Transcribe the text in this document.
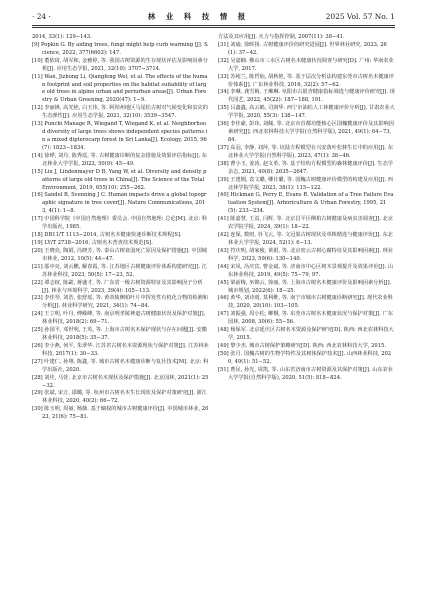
· 24 ·	林 业 科 技 情 报	2025 Vol. 57 No. 1

2014, 33(1): 129−143.

[9] Popkin G. By aiding trees, fungi might help curb warming [J]. Science, 2022, 377(6602): 147.

[10] 董依琦, 胡军和, 金雅婷, 等. 我国古树资源的生存现状评估及影响因素分析[J]. 应用生态学报, 2021, 32(10): 3707−3714.

[11] Wan, Jizhong Li, Qiangfeng Wei, et al. The effects of the human footprint and soil properties on the habitat suitability of large old trees in alpine urban and periurban areas[J]. Urban Forestry & Urban Greening, 2020(47): 1−9.

[12] 李丽锋, 高光艳, 白玉伟, 等. 阿坝州地区马尾松古树对气候变化和虫灾的生态弹性[J]. 应用生态学报, 2021, 32(10): 3539−3547.

[13] Punchi Manage R, Wiegand T, Wiegand K, et al. Neighborhood diversity of large trees shows independent species patterns in a mixed dipterocarp forest in Sri Lanka[J]. Ecology, 2015, 96(7): 1823−1834.

[14] 徐烨, 刘丹, 陈秀瑶, 等. 古树健康诊断的复杂措施及效果评估指标[J]. 东北林业大学学报, 2022, 50(9): 45−49.

[15] Liu J, Lindenmayer D B, Yang W, et al. Diversity and density patterns of large old trees in China[J]. The Science of the Total Environment, 2019, 655(10): 255−262.

[16] Sandel B, Svenning J C. Human impacts drive a global topographic signature in tree cover[J]. Nature Communications, 2013, 4(1): 1−8.

[17] 中国科学院《中国自然地理》委员会. 中国自然地理: 总论[M]. 北京: 科学出版社, 1985.

[18] DB11/T 1113−2014, 古树名木健康快速诊断技术规程[S].

[19] LY/T 2738−2016, 古树名木普查技术规范[S].

[20] 王晓亮, 陶娟, 冯晓芳, 等. 泰山古树衰弱死亡原因及保护措施[J]. 中国城市林业, 2012, 10(5): 44−47.

[21] 邬中亮, 刘云鹏, 解春霞, 等. 江苏地区古树健康评价体系构建研究[J]. 江苏林业科技, 2023, 50(5): 17−23, 52.

[22] 谭志权, 陈勐, 蒋盛才, 等. 广东省一级古树资源特征及其影响因子分析[J]. 林业与环境科学, 2023, 39(4): 105−113.

[23] 李佳琴, 刘浩, 张舒瑶, 等. 黄帝陵侧柏叶片中挥发性有机化合物的检测和分析[J]. 林业科学研究, 2021, 34(1): 74−84.

[24] 王立明, 叶丹, 傅嵘峰, 等. 南京明孝陵神道古树健康状况及保护对策[J]. 林业科技, 2018(2): 69−71.

[25] 孙国平, 邓世明, 王英, 等. 上海市古树名木保护现状与存在问题[J]. 安徽林业科技, 2018(5): 35−37.

[26] 李小燕, 何平, 朱翠华. 江苏省古树名木资源现状与保护对策[J]. 江苏林业科技, 2017(1): 30−33.

[27] 叶建仁, 孙翔, 陈鑫, 等. 城市古树名木健康诊断与复壮技术[M]. 北京: 科学出版社, 2020.

[28] 刘佳, 马萱. 北京市古树名木现状及保护措施[J]. 北京园林, 2021(1): 25−32.

[29] 张斌, 宋万, 邵璐, 等. 杭州市古树名木生长现状及保护对策研究[J]. 浙江林业科技, 2020, 40(2): 66−72.

[30] 陈玉明, 周丽, 杨薇. 基于熵权的城市古树健康评价[J]. 中国城市林业, 2023, 21(6): 75−81.

方法及其应用[J]. 火力与指挥控制, 2007(11): 38−41.

[31] 刘瑜, 徐晖扬. 古树健康评价的研究进展[J]. 世界林业研究, 2023, 26(1): 37−42.

[32] 吴嘉楠. 佛山市三水区古树名木健康状况调查与研究[D]. 广州: 华南农业大学, 2017.

[33] 苏纯兰, 陈哲灿, 胡秋艳, 等. 基于层次分析法构建东莞市古树名木健康评价体系[J]. 广东林业科技, 2016, 32(2): 57−62.

[34] 李琳, 龚雪梅, 王琳琳. 阜阳市古银杏健康指标筛选与健康评价研究[J]. 现代园艺, 2022, 45(22): 187−188, 191.

[35] 吕鑫鑫, 高云鹤, 司润华. 西宁市油松人工林健康评价分析[J]. 甘肃农业大学学报, 2020, 55(3): 138−147.

[36] 李佳豪, 彭玮, 刘佩, 等. 北京市首都功能核心区国槐健康评价及其影响因素研究[J]. 西北农林科技大学学报(自然科学版), 2021, 49(1): 64−73, 84.

[37] 高羽, 李静, 刘萍, 等. 坑陆方程模型在兴安落叶松林生长中的应用[J]. 东北林业大学学报(自然科学版), 2023, 47(1): 38−46.

[38] 曹小玉, 姜涛, 赵文革, 等. 基于结构方程模型的森林健康评价[J]. 生态学杂志, 2021, 40(8): 2635−2647.

[39] 王建刚, 袁文璐, 卿仕璐, 等. 国槐古树健康评价模型的构建及应用[J]. 西北林学院学报, 2023, 38(1): 115−122.

[40] Hickman G, Perry E, Evans R. Validation of a Tree Failure Evaluation System[J]. Arboriculture & Urban Forestry, 1995, 21(5): 233−234.

[41] 陈嘉慧, 王益, 闫辉, 等. 北京昌平区侧柏古树健康及病虫害调查[J]. 北京农学院学报, 2024, 39(1): 18−22.

[42] 连保, 数财, 谷飞云, 等. 文冠果古树现状及单株精选与健康评价[J]. 东北林业大学学报, 2024, 52(1): 6−13.

[43] 符庆明, 胡家俊, 黄娟, 等. 北京密云古树心腐特征及其影响因素[J]. 林业科学, 2023, 59(6): 130−140.

[44] 宋凤, 冯庆宾, 曹金斌, 等. 济南市中心区树木景观提升及效果评价[J]. 山东林业科技, 2019, 49(5): 75−79, 97.

[45] 梁前梅, 巫锦云, 徐丽, 等. 上海市古树名木健康评价及影响因素分析[J]. 城市规划, 2022(6): 18−25.

[46] 黄华, 刘诗雨, 莫利维, 等. 南宁市城市古树健康诊断研究[J]. 现代农业科技, 2020, 20(10): 103−105.

[47] 刘振强, 周小松, 柳桐, 等. 东莞市古树名木健康状况与保护对策[J]. 广东园林, 2008, 30(6): 55−56.

[48] 杨保军. 北京延庆区古树名木资源及保护研究[D]. 陕西: 西北农林科技大学, 2015.

[49] 黎少杰. 城市古树保护策略研究[D]. 陕西: 西北农林科技大学, 2015.

[50] 张月. 国槐古树的生物学特性及其树体保护技术[J]. 山西林业科技, 2020, 49(1): 51−52.

[51] 曹民, 孙光, 周凯, 等. 山东省济南市古树资源及其保护对策[J]. 山东农业大学学报(自然科学版), 2020, 51(5): 818−824.
